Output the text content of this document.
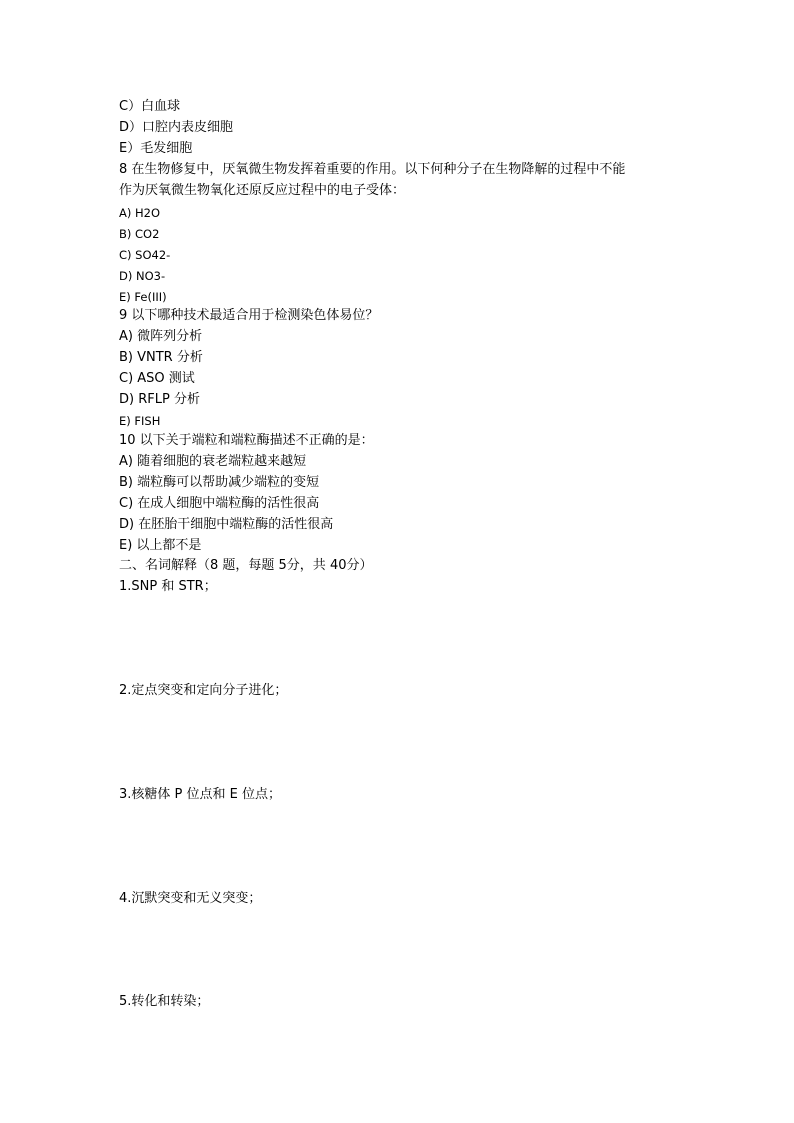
C）白血球
D）口腔内表皮细胞
E）毛发细胞
8 在生物修复中，厌氧微生物发挥着重要的作用。以下何种分子在生物降解的过程中不能
作为厌氧微生物氧化还原反应过程中的电子受体：
A) H2O
B) CO2
C) SO42-
D) NO3-
E) Fe(III)
9 以下哪种技术最适合用于检测染色体易位？
A) 微阵列分析
B) VNTR 分析
C) ASO 测试
D) RFLP 分析
E) FISH
10 以下关于端粒和端粒酶描述不正确的是：
A) 随着细胞的衰老端粒越来越短
B) 端粒酶可以帮助减少端粒的变短
C) 在成人细胞中端粒酶的活性很高
D) 在胚胎干细胞中端粒酶的活性很高
E) 以上都不是
二、名词解释（8 题，每题 5分，共 40分）
1.SNP 和 STR；
2.定点突变和定向分子进化；
3.核糖体 P 位点和 E 位点；
4.沉默突变和无义突变；
5.转化和转染；
